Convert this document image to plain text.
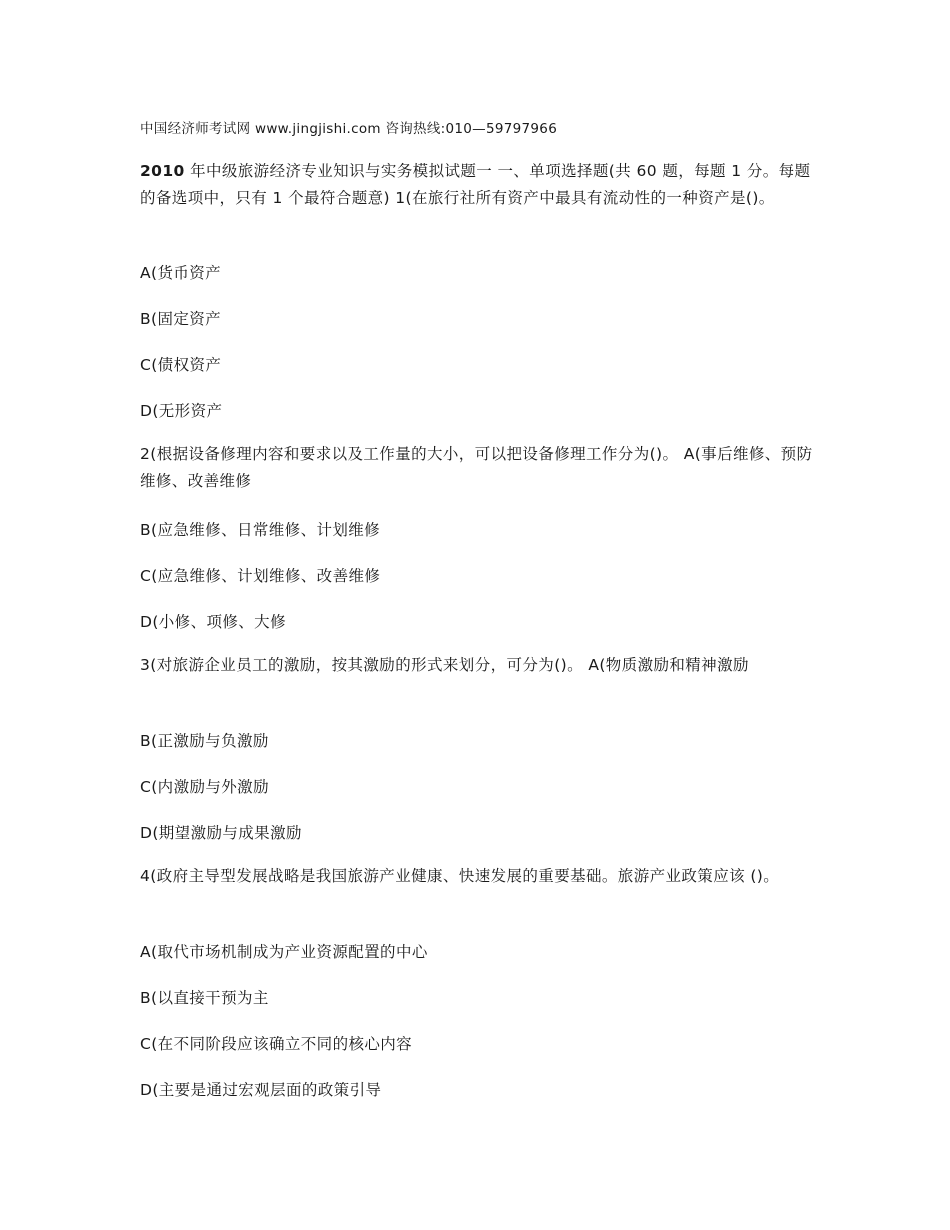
中国经济师考试网 www.jingjishi.com 咨询热线:010—59797966
2010 年中级旅游经济专业知识与实务模拟试题一 一、单项选择题(共 60 题，每题 1 分。每题的备选项中，只有 1 个最符合题意) 1(在旅行社所有资产中最具有流动性的一种资产是()。
A(货币资产
B(固定资产
C(债权资产
D(无形资产
2(根据设备修理内容和要求以及工作量的大小，可以把设备修理工作分为()。 A(事后维修、预防维修、改善维修
B(应急维修、日常维修、计划维修
C(应急维修、计划维修、改善维修
D(小修、项修、大修
3(对旅游企业员工的激励，按其激励的形式来划分，可分为()。 A(物质激励和精神激励
B(正激励与负激励
C(内激励与外激励
D(期望激励与成果激励
4(政府主导型发展战略是我国旅游产业健康、快速发展的重要基础。旅游产业政策应该 ()。
A(取代市场机制成为产业资源配置的中心
B(以直接干预为主
C(在不同阶段应该确立不同的核心内容
D(主要是通过宏观层面的政策引导
